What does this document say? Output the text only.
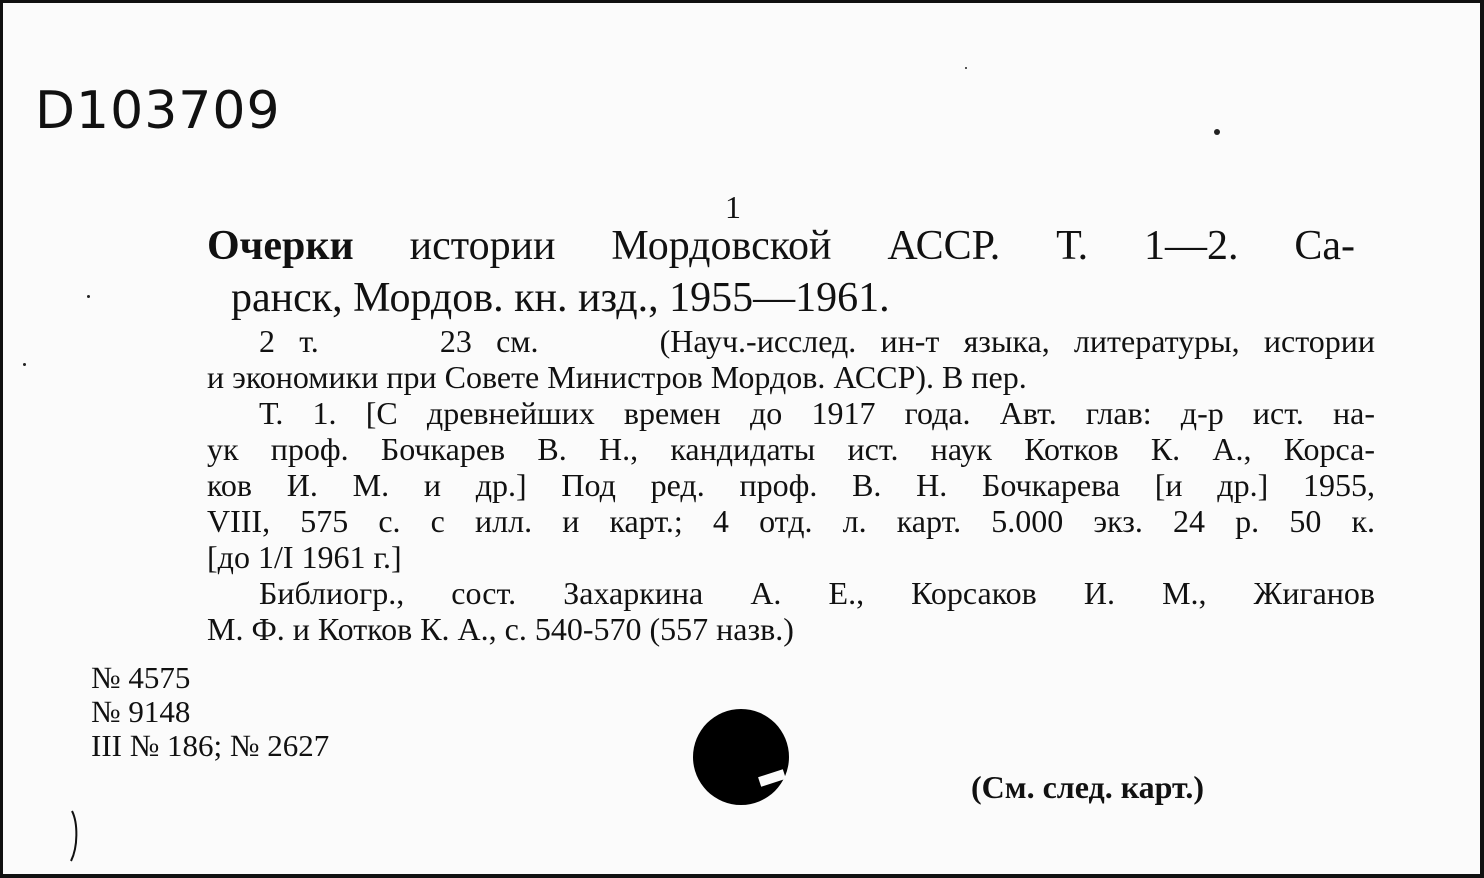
D103709
1
Очерки истории Мордовской АССР. Т. 1—2. Са-
ранск, Мордов. кн. изд., 1955—1961.
2 т.     23 см.     (Науч.-исслед. ин-т языка, литературы, истории
и экономики при Совете Министров Мордов. АССР). В пер.
Т. 1. [С древнейших времен до 1917 года. Авт. глав: д-р ист. на-
ук проф. Бочкарев В. Н., кандидаты ист. наук Котков К. А., Корса-
ков И. М. и др.] Под ред. проф. В. Н. Бочкарева [и др.] 1955,
VIII, 575 с. с илл. и карт.; 4 отд. л. карт. 5.000 экз. 24 р. 50 к.
[до 1/I 1961 г.]
Библиогр., сост. Захаркина А. Е., Корсаков И. М., Жиганов
М. Ф. и Котков К. А., с. 540-570 (557 назв.)
№ 4575
№ 9148
III № 186; № 2627
(См. след. карт.)
